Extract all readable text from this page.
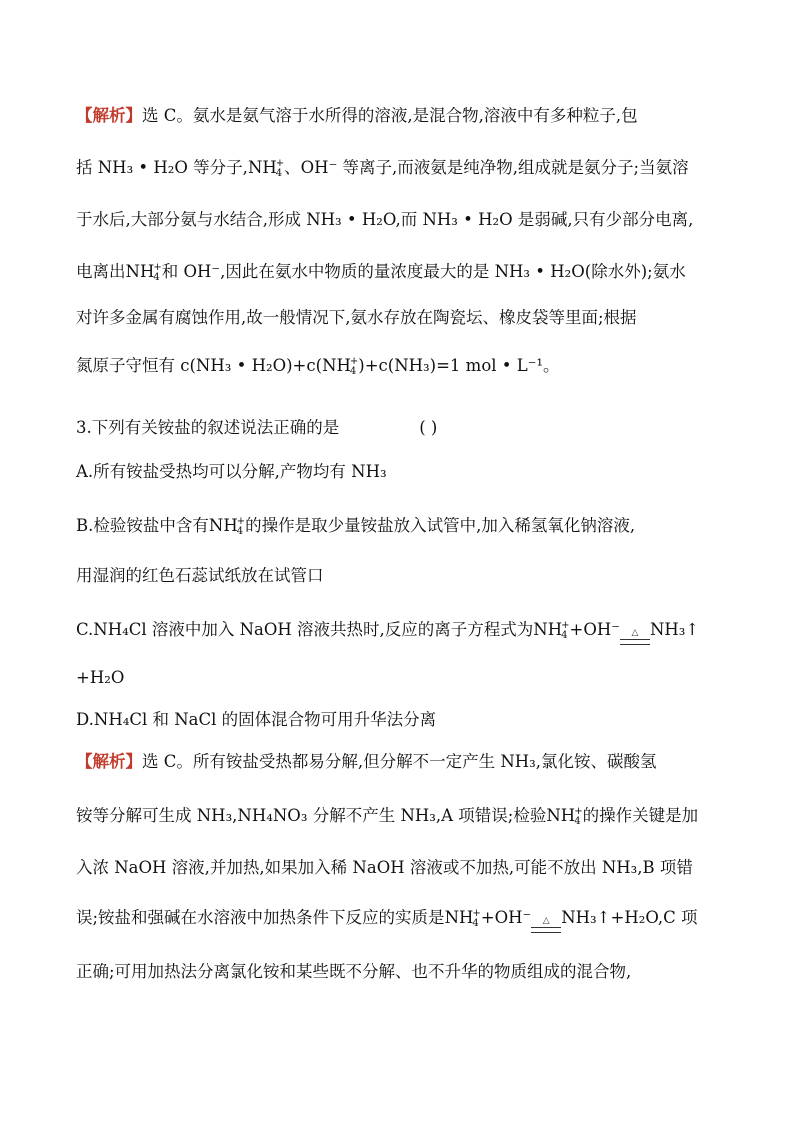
【解析】选 C。氨水是氨气溶于水所得的溶液,是混合物,溶液中有多种粒子,包
括 NH₃ • H₂O 等分子,NH +
4 、OH⁻ 等离子,而液氨是纯净物,组成就是氨分子;当氨溶
于水后,大部分氨与水结合,形成 NH₃ • H₂O,而 NH₃ • H₂O 是弱碱,只有少部分电离,
电离出NH +
4 和 OH⁻,因此在氨水中物质的量浓度最大的是 NH₃ • H₂O(除水外);氨水
对许多金属有腐蚀作用,故一般情况下,氨水存放在陶瓷坛、橡皮袋等里面;根据
氮原子守恒有 c(NH₃ • H₂O)+c(NH +
4 )+c(NH₃)=1 mol • L⁻¹。
3.下列有关铵盐的叙述说法正确的是	( )
A.所有铵盐受热均可以分解,产物均有 NH₃
B.检验铵盐中含有NH +
4 的操作是取少量铵盐放入试管中,加入稀氢氧化钠溶液,
用湿润的红色石蕊试纸放在试管口
C.NH₄Cl 溶液中加入 NaOH 溶液共热时,反应的离子方程式为NH +
4 +OH⁻	△ NH₃↑
+H₂O
D.NH₄Cl 和 NaCl 的固体混合物可用升华法分离
【解析】选 C。所有铵盐受热都易分解,但分解不一定产生 NH₃,氯化铵、碳酸氢
铵等分解可生成 NH₃,NH₄NO₃ 分解不产生 NH₃,A 项错误;检验NH +
4 的操作关键是加
入浓 NaOH 溶液,并加热,如果加入稀 NaOH 溶液或不加热,可能不放出 NH₃,B 项错
误;铵盐和强碱在水溶液中加热条件下反应的实质是NH +
4 +OH⁻	△ NH₃↑+H₂O,C 项
正确;可用加热法分离氯化铵和某些既不分解、也不升华的物质组成的混合物,
